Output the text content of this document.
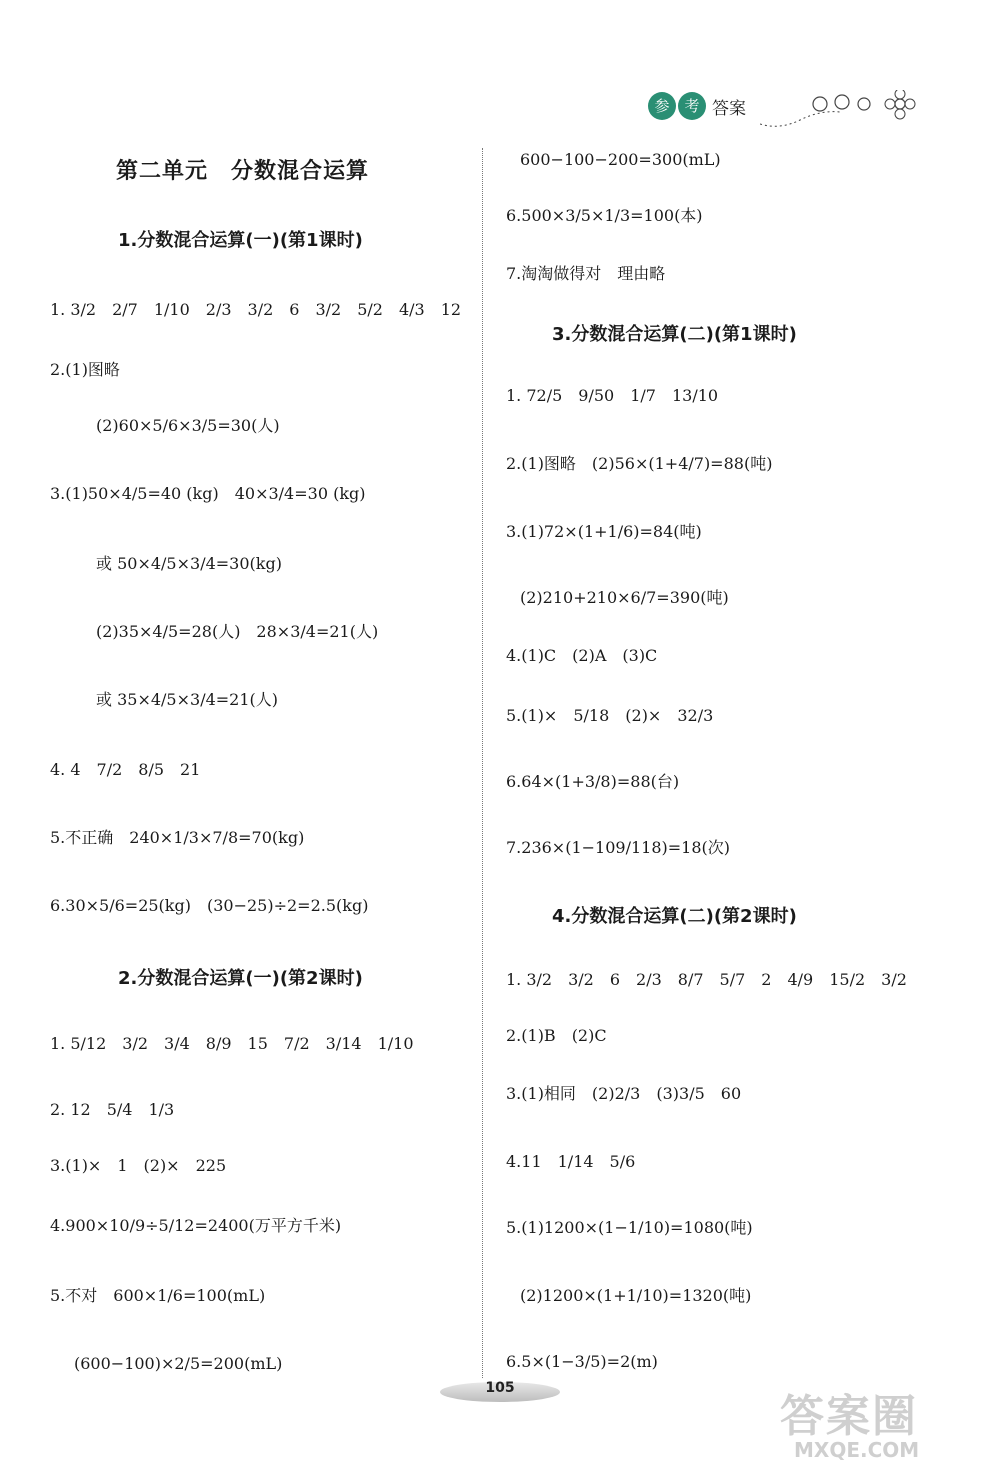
参 考 答案
第二单元　分数混合运算
1.分数混合运算(一)(第1课时)
1. 3/2　2/7　1/10　2/3　3/2　6　3/2　5/2　4/3　12
2.(1)图略
(2)60×5/6×3/5=30(人)
3.(1)50×4/5=40 (kg)　40×3/4=30 (kg)
或 50×4/5×3/4=30(kg)
(2)35×4/5=28(人)　28×3/4=21(人)
或 35×4/5×3/4=21(人)
4. 4　7/2　8/5　21
5.不正确　240×1/3×7/8=70(kg)
6.30×5/6=25(kg)　(30−25)÷2=2.5(kg)
2.分数混合运算(一)(第2课时)
1. 5/12　3/2　3/4　8/9　15　7/2　3/14　1/10
2. 12　5/4　1/3
3.(1)×　1　(2)×　225
4.900×10/9÷5/12=2400(万平方千米)
5.不对　600×1/6=100(mL)
(600−100)×2/5=200(mL)
600−100−200=300(mL)
6.500×3/5×1/3=100(本)
7.淘淘做得对　理由略
3.分数混合运算(二)(第1课时)
1. 72/5　9/50　1/7　13/10
2.(1)图略　(2)56×(1+4/7)=88(吨)
3.(1)72×(1+1/6)=84(吨)
(2)210+210×6/7=390(吨)
4.(1)C　(2)A　(3)C
5.(1)×　5/18　(2)×　32/3
6.64×(1+3/8)=88(台)
7.236×(1−109/118)=18(次)
4.分数混合运算(二)(第2课时)
1. 3/2　3/2　6　2/3　8/7　5/7　2　4/9　15/2　3/2
2.(1)B　(2)C
3.(1)相同　(2)2/3　(3)3/5　60
4.11　1/14　5/6
5.(1)1200×(1−1/10)=1080(吨)
(2)1200×(1+1/10)=1320(吨)
6.5×(1−3/5)=2(m)
105
答案圈
MXQE.COM
